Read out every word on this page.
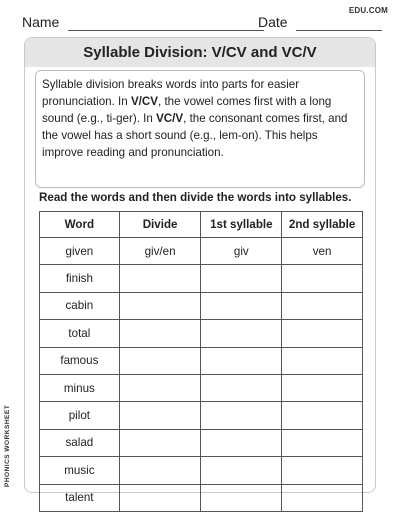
EDU.COM
Name	Date
Syllable Division: V/CV and VC/V
Syllable division breaks words into parts for easier pronunciation. In V/CV, the vowel comes first with a long sound (e.g., ti-ger). In VC/V, the consonant comes first, and the vowel has a short sound (e.g., lem-on). This helps improve reading and pronunciation.
Read the words and then divide the words into syllables.
Word	Divide	1st syllable	2nd syllable
given	giv/en	giv	ven
finish			
cabin			
total			
famous			
minus			
pilot			
salad			
music			
talent			
PHONICS WORKSHEET
